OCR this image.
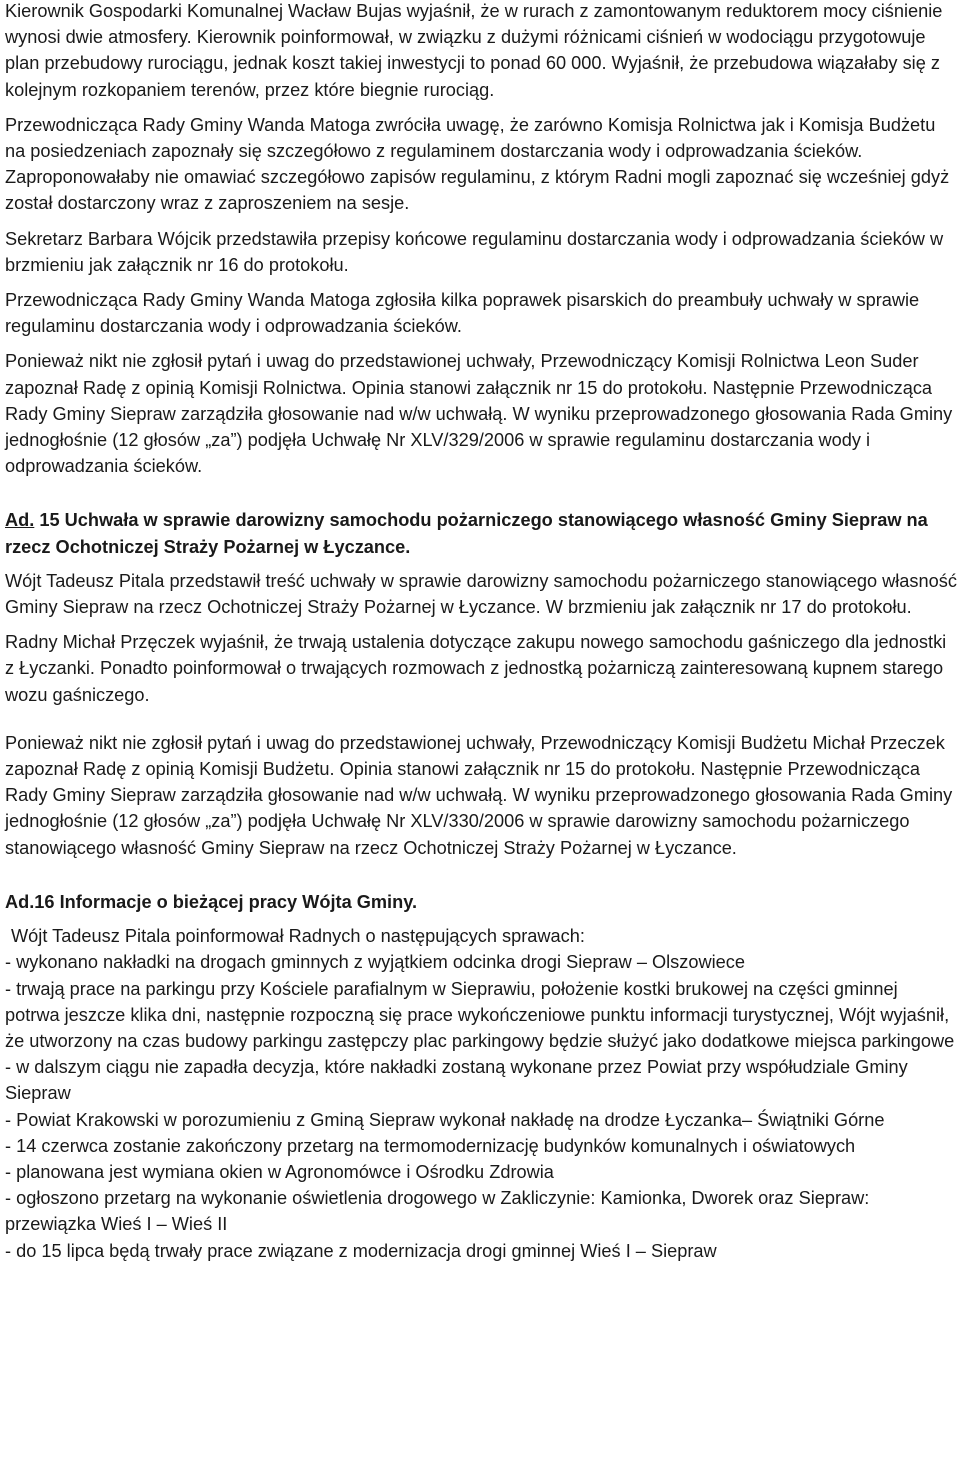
Kierownik Gospodarki Komunalnej Wacław Bujas wyjaśnił, że w rurach z zamontowanym reduktorem mocy ciśnienie wynosi dwie atmosfery. Kierownik poinformował, w związku z dużymi różnicami ciśnień w wodociągu przygotowuje plan przebudowy rurociągu, jednak koszt takiej inwestycji to ponad 60 000. Wyjaśnił, że przebudowa wiązałaby się z kolejnym rozkopaniem terenów, przez które biegnie rurociąg.

Przewodnicząca Rady Gminy Wanda Matoga zwróciła uwagę, że zarówno Komisja Rolnictwa jak i Komisja Budżetu na posiedzeniach zapoznały się szczegółowo z regulaminem dostarczania wody i odprowadzania ścieków. Zaproponowałaby nie omawiać szczegółowo zapisów regulaminu, z którym Radni mogli zapoznać się wcześniej gdyż został dostarczony wraz z zaproszeniem na sesje.

Sekretarz Barbara Wójcik przedstawiła przepisy końcowe regulaminu dostarczania wody i odprowadzania ścieków w brzmieniu jak załącznik nr 16 do protokołu.

Przewodnicząca Rady Gminy Wanda Matoga zgłosiła kilka poprawek pisarskich do preambuły uchwały w sprawie regulaminu dostarczania wody i odprowadzania ścieków.

Ponieważ nikt nie zgłosił pytań i uwag do przedstawionej uchwały, Przewodniczący Komisji Rolnictwa Leon Suder zapoznał Radę z opinią Komisji Rolnictwa. Opinia stanowi załącznik nr 15 do protokołu. Następnie Przewodnicząca Rady Gminy Siepraw zarządziła głosowanie nad w/w uchwałą. W wyniku przeprowadzonego głosowania Rada Gminy jednogłośnie (12 głosów „za”) podjęła Uchwałę Nr XLV/329/2006 w sprawie regulaminu dostarczania wody i odprowadzania ścieków.

Ad. 15 Uchwała w sprawie darowizny samochodu pożarniczego stanowiącego własność Gminy Siepraw na rzecz Ochotniczej Straży Pożarnej w Łyczance.

Wójt Tadeusz Pitala przedstawił treść uchwały w sprawie darowizny samochodu pożarniczego stanowiącego własność Gminy Siepraw na rzecz Ochotniczej Straży Pożarnej w Łyczance. W brzmieniu jak załącznik nr 17 do protokołu.

Radny Michał Przęczek wyjaśnił, że trwają ustalenia dotyczące zakupu nowego samochodu gaśniczego dla jednostki z Łyczanki. Ponadto poinformował o trwających rozmowach z jednostką pożarniczą zainteresowaną kupnem starego wozu gaśniczego.

Ponieważ nikt nie zgłosił pytań i uwag do przedstawionej uchwały, Przewodniczący Komisji Budżetu Michał Przeczek zapoznał Radę z opinią Komisji Budżetu. Opinia stanowi załącznik nr 15 do protokołu. Następnie Przewodnicząca Rady Gminy Siepraw zarządziła głosowanie nad w/w uchwałą. W wyniku przeprowadzonego głosowania Rada Gminy jednogłośnie (12 głosów „za”) podjęła Uchwałę Nr XLV/330/2006 w sprawie darowizny samochodu pożarniczego stanowiącego własność Gminy Siepraw na rzecz Ochotniczej Straży Pożarnej w Łyczance.

Ad.16 Informacje o bieżącej pracy Wójta Gminy.

Wójt Tadeusz Pitala poinformował Radnych o następujących sprawach:

- wykonano nakładki na drogach gminnych z wyjątkiem odcinka drogi Siepraw – Olszowiece

- trwają prace na parkingu przy Kościele parafialnym w Sieprawiu, położenie kostki brukowej na części gminnej potrwa jeszcze klika dni, następnie rozpoczną się prace wykończeniowe punktu informacji turystycznej, Wójt wyjaśnił, że utworzony na czas budowy parkingu zastępczy plac parkingowy będzie służyć jako dodatkowe miejsca parkingowe

- w dalszym ciągu nie zapadła decyzja, które nakładki zostaną wykonane przez Powiat przy współudziale Gminy Siepraw

- Powiat Krakowski w porozumieniu z Gminą Siepraw wykonał nakładę na drodze Łyczanka– Świątniki Górne

- 14 czerwca zostanie zakończony przetarg na termomodernizację budynków komunalnych i oświatowych

- planowana jest wymiana okien w Agronomówce i Ośrodku Zdrowia

- ogłoszono przetarg na wykonanie oświetlenia drogowego w Zakliczynie: Kamionka, Dworek oraz Siepraw: przewiązka Wieś I – Wieś II

- do 15 lipca będą trwały prace związane z modernizacja drogi gminnej Wieś I – Siepraw
